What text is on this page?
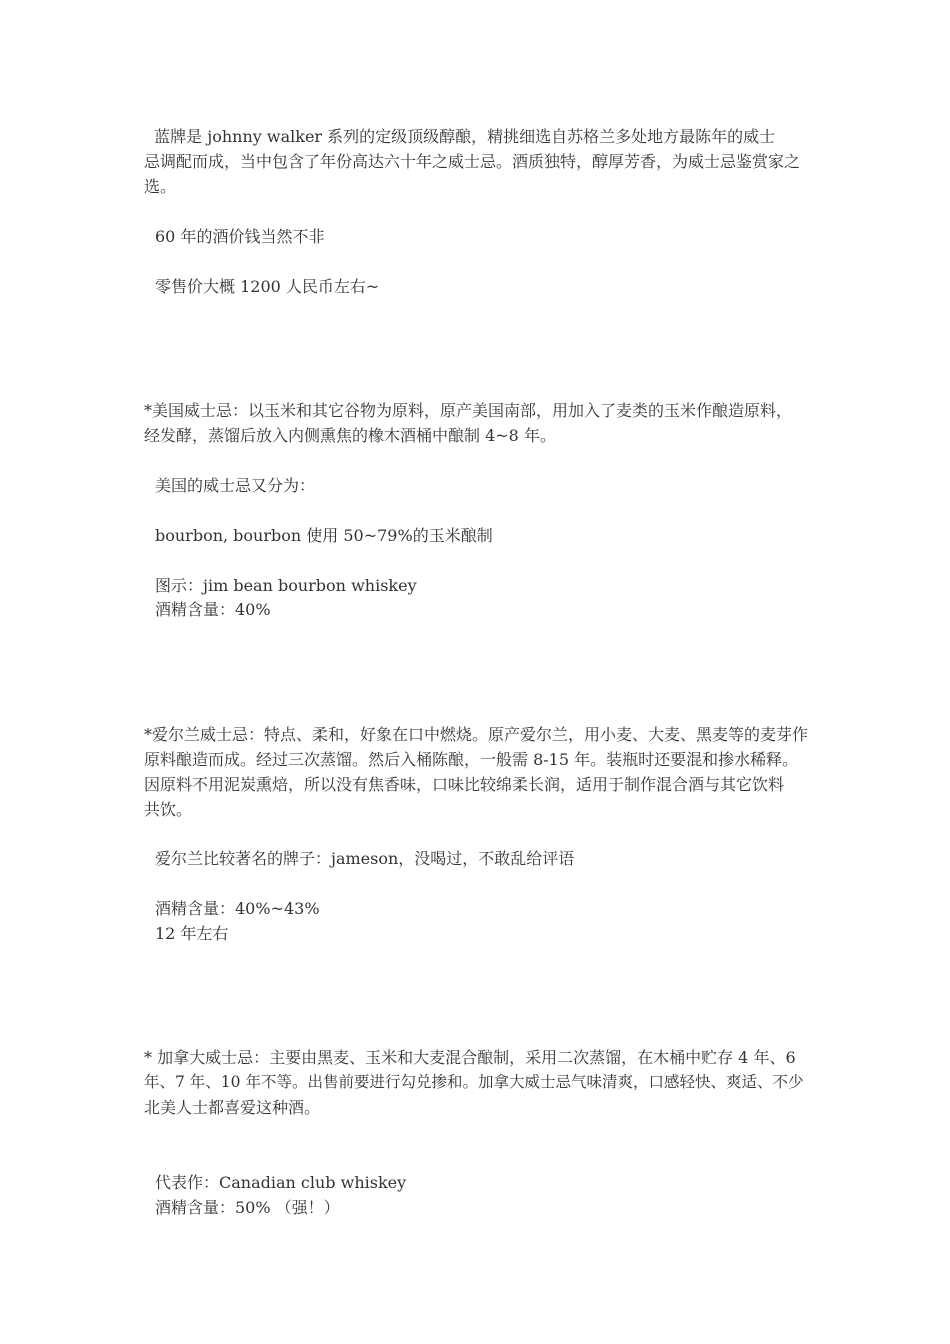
蓝牌是 johnny walker 系列的定级顶级醇酿，精挑细选自苏格兰多处地方最陈年的威士
忌调配而成，当中包含了年份高达六十年之威士忌。酒质独特，醇厚芳香，为威士忌鉴赏家之
选。
60 年的酒价钱当然不非
零售价大概 1200 人民币左右~
*美国威士忌：以玉米和其它谷物为原料，原产美国南部，用加入了麦类的玉米作酿造原料，
经发酵，蒸馏后放入内侧熏焦的橡木酒桶中酿制 4~8 年。
美国的威士忌又分为：
bourbon, bourbon 使用 50~79%的玉米酿制
图示：jim bean bourbon whiskey
酒精含量：40%
*爱尔兰威士忌：特点、柔和，好象在口中燃烧。原产爱尔兰，用小麦、大麦、黑麦等的麦芽作
原料酿造而成。经过三次蒸馏。然后入桶陈酿，一般需 8-15 年。装瓶时还要混和掺水稀释。
因原料不用泥炭熏焙，所以没有焦香味，口味比较绵柔长润，适用于制作混合酒与其它饮料
共饮。
爱尔兰比较著名的牌子：jameson，没喝过，不敢乱给评语
酒精含量：40%~43%
12 年左右
* 加拿大威士忌：主要由黑麦、玉米和大麦混合酿制，采用二次蒸馏，在木桶中贮存 4 年、6
年、7 年、10 年不等。出售前要进行勾兑掺和。加拿大威士忌气味清爽，口感轻快、爽适、不少
北美人士都喜爱这种酒。
代表作：Canadian club whiskey
酒精含量：50% （强！）
